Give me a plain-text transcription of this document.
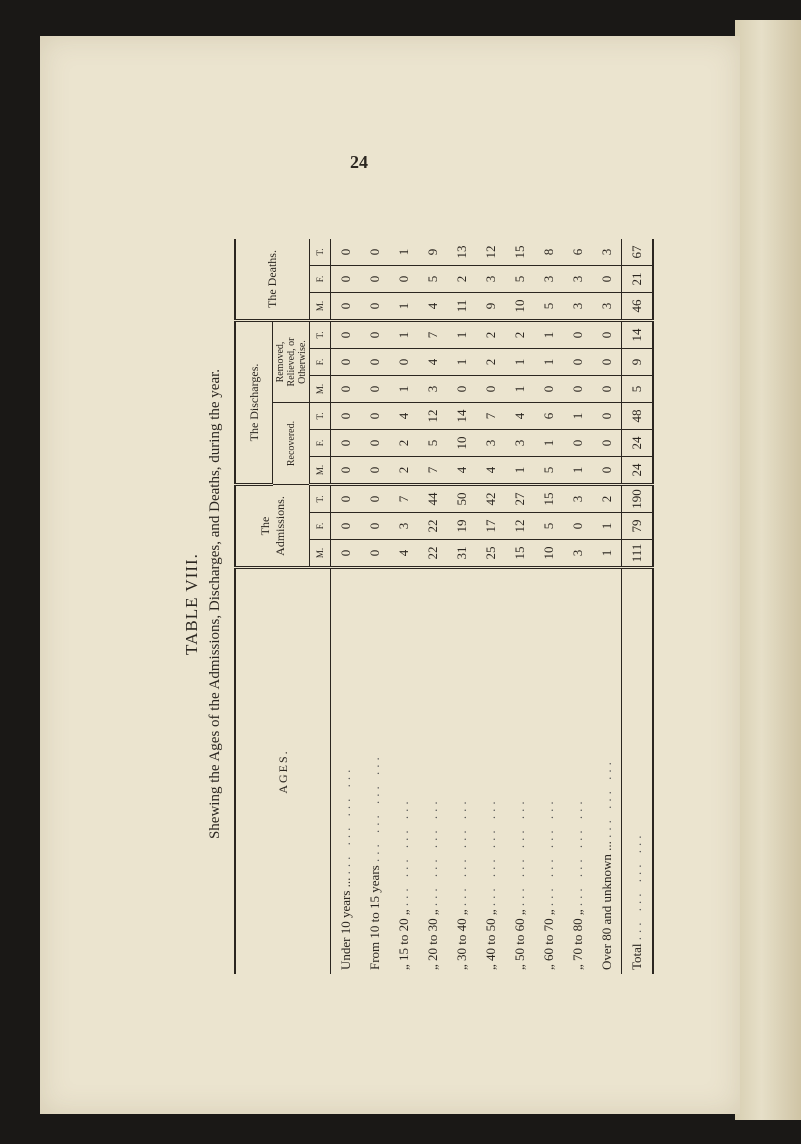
24
TABLE VIII. Shewing the Ages of the Admissions, Discharges, and Deaths, during the year.	AGES.	The Admissions.			The Discharges.						The Deaths.		
				Recovered.			Removed, Relieved, or Otherwise.					
	M.	F.	T.	M.	F.	T.	M.	F.	T.	M.	F.	T.
Under 10 years ... ... ... ... ...	0	0	0	0	0	0	0	0	0	0	0	0
From 10 to 15 years ... ... ... ...	0	0	0	0	0	0	0	0	0	0	0	0
„ 15 to 20 „ ... ... ... ...	4	3	7	2	2	4	1	0	1	1	0	1
„ 20 to 30 „ ... ... ... ...	22	22	44	7	5	12	3	4	7	4	5	9
„ 30 to 40 „ ... ... ... ...	31	19	50	4	10	14	0	1	1	11	2	13
„ 40 to 50 „ ... ... ... ...	25	17	42	4	3	7	0	2	2	9	3	12
„ 50 to 60 „ ... ... ... ...	15	12	27	1	3	4	1	1	2	10	5	15
„ 60 to 70 „ ... ... ... ...	10	5	15	5	1	6	0	1	1	5	3	8
„ 70 to 80 „ ... ... ... ...	3	0	3	1	0	1	0	0	0	3	3	6
Over 80 and unknown ... ... ... ...	1	1	2	0	0	0	0	0	0	3	0	3
Total ... ... ... ...	111	79	190	24	24	48	5	9	14	46	21	67
